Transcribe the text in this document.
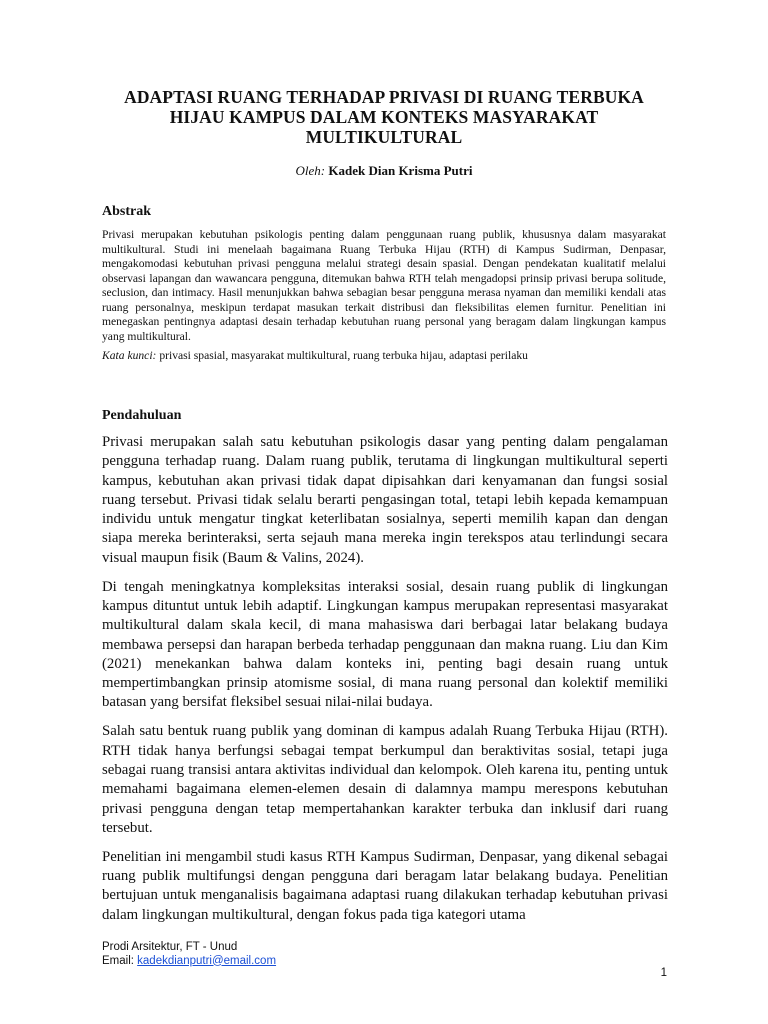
ADAPTASI RUANG TERHADAP PRIVASI DI RUANG TERBUKA
HIJAU KAMPUS DALAM KONTEKS MASYARAKAT
MULTIKULTURAL
Oleh: Kadek Dian Krisma Putri
Abstrak
Privasi merupakan kebutuhan psikologis penting dalam penggunaan ruang publik, khususnya dalam masyarakat multikultural. Studi ini menelaah bagaimana Ruang Terbuka Hijau (RTH) di Kampus Sudirman, Denpasar, mengakomodasi kebutuhan privasi pengguna melalui strategi desain spasial. Dengan pendekatan kualitatif melalui observasi lapangan dan wawancara pengguna, ditemukan bahwa RTH telah mengadopsi prinsip privasi berupa solitude, seclusion, dan intimacy. Hasil menunjukkan bahwa sebagian besar pengguna merasa nyaman dan memiliki kendali atas ruang personalnya, meskipun terdapat masukan terkait distribusi dan fleksibilitas elemen furnitur. Penelitian ini menegaskan pentingnya adaptasi desain terhadap kebutuhan ruang personal yang beragam dalam lingkungan kampus yang multikultural.
Kata kunci: privasi spasial, masyarakat multikultural, ruang terbuka hijau, adaptasi perilaku
Pendahuluan

Privasi merupakan salah satu kebutuhan psikologis dasar yang penting dalam pengalaman pengguna terhadap ruang. Dalam ruang publik, terutama di lingkungan multikultural seperti kampus, kebutuhan akan privasi tidak dapat dipisahkan dari kenyamanan dan fungsi sosial ruang tersebut. Privasi tidak selalu berarti pengasingan total, tetapi lebih kepada kemampuan individu untuk mengatur tingkat keterlibatan sosialnya, seperti memilih kapan dan dengan siapa mereka berinteraksi, serta sejauh mana mereka ingin terekspos atau terlindungi secara visual maupun fisik (Baum & Valins, 2024).

Di tengah meningkatnya kompleksitas interaksi sosial, desain ruang publik di lingkungan kampus dituntut untuk lebih adaptif. Lingkungan kampus merupakan representasi masyarakat multikultural dalam skala kecil, di mana mahasiswa dari berbagai latar belakang budaya membawa persepsi dan harapan berbeda terhadap penggunaan dan makna ruang. Liu dan Kim (2021) menekankan bahwa dalam konteks ini, penting bagi desain ruang untuk mempertimbangkan prinsip atomisme sosial, di mana ruang personal dan kolektif memiliki batasan yang bersifat fleksibel sesuai nilai-nilai budaya.

Salah satu bentuk ruang publik yang dominan di kampus adalah Ruang Terbuka Hijau (RTH). RTH tidak hanya berfungsi sebagai tempat berkumpul dan beraktivitas sosial, tetapi juga sebagai ruang transisi antara aktivitas individual dan kelompok. Oleh karena itu, penting untuk memahami bagaimana elemen-elemen desain di dalamnya mampu merespons kebutuhan privasi pengguna dengan tetap mempertahankan karakter terbuka dan inklusif dari ruang tersebut.

Penelitian ini mengambil studi kasus RTH Kampus Sudirman, Denpasar, yang dikenal sebagai ruang publik multifungsi dengan pengguna dari beragam latar belakang budaya. Penelitian bertujuan untuk menganalisis bagaimana adaptasi ruang dilakukan terhadap kebutuhan privasi dalam lingkungan multikultural, dengan fokus pada tiga kategori utama

Prodi Arsitektur, FT - Unud
Email: kadekdianputri@email.com
1
